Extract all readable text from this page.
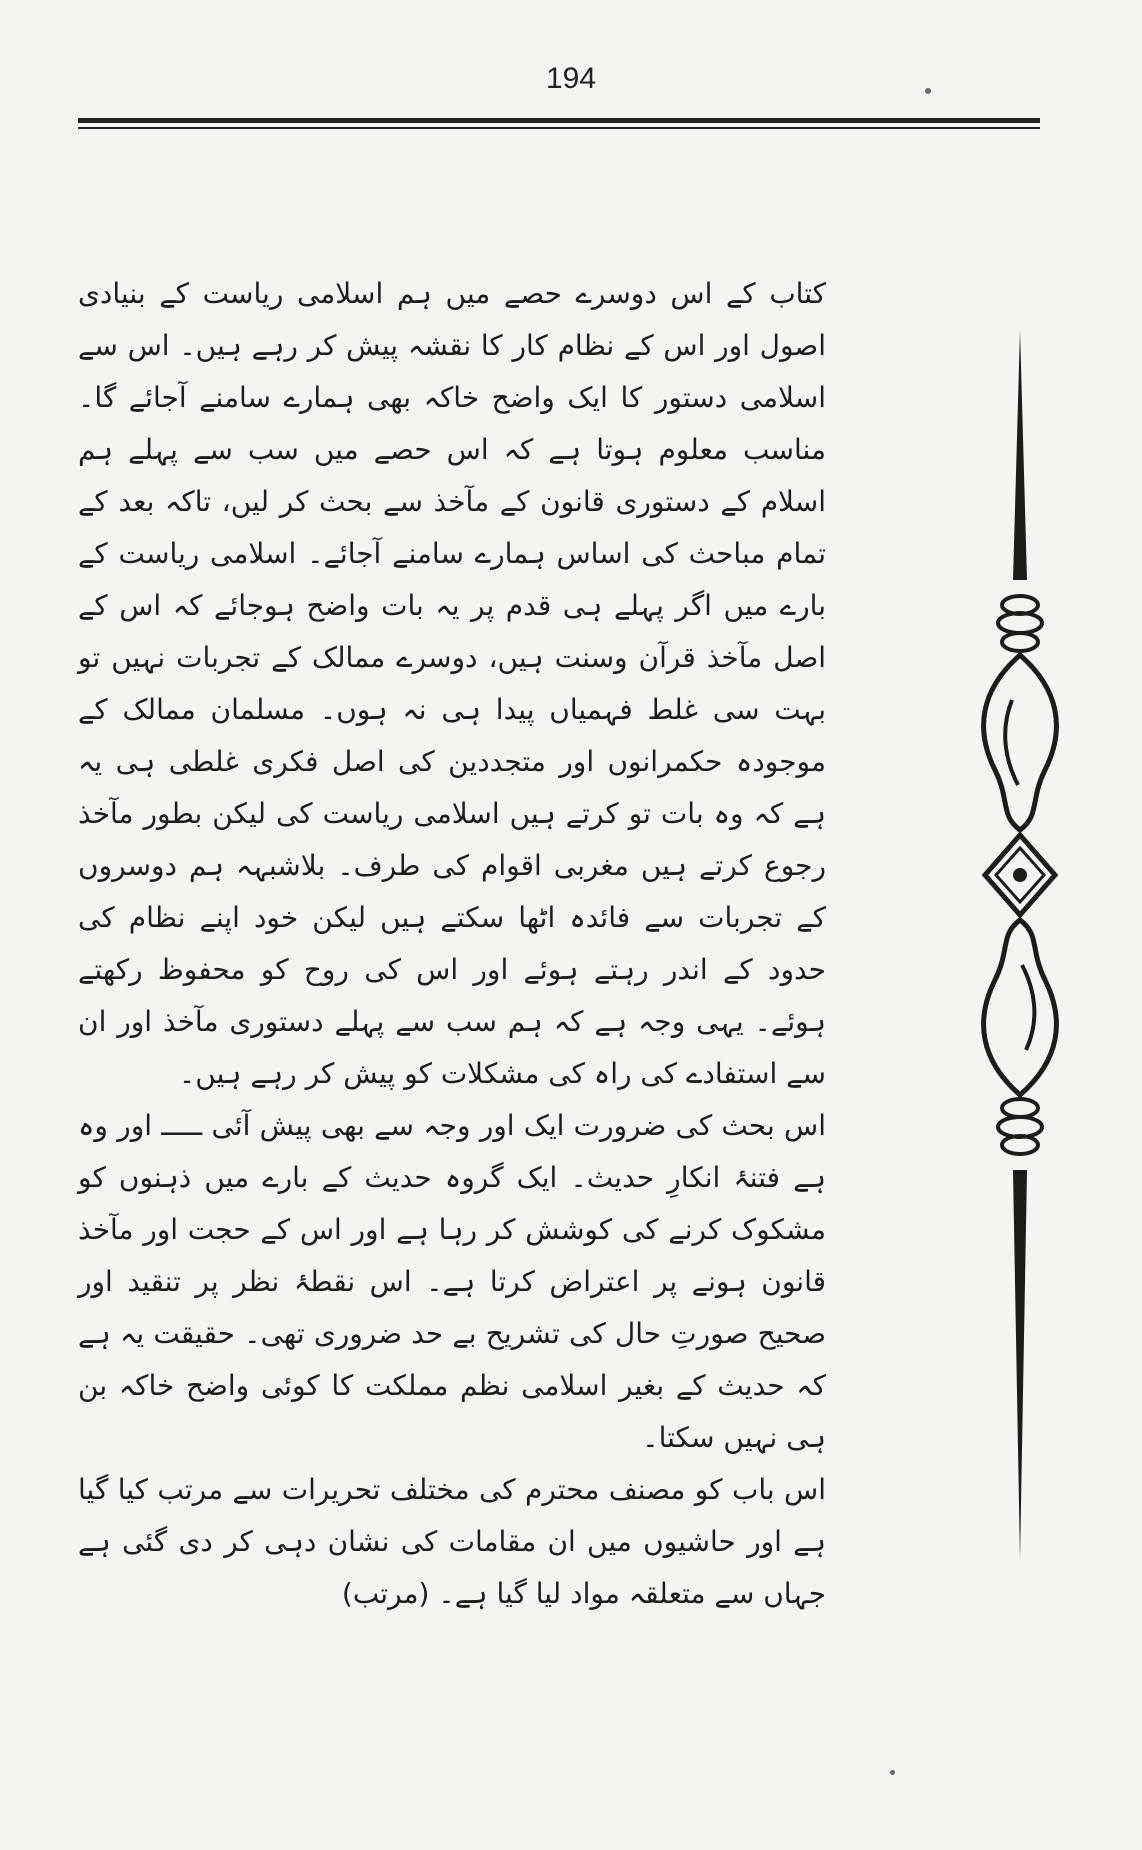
194

کتاب کے اس دوسرے حصے میں ہم اسلامی ریاست کے بنیادی اصول اور اس کے نظام کار کا نقشہ پیش کر رہے ہیں۔ اس سے اسلامی دستور کا ایک واضح خاکہ بھی ہمارے سامنے آجائے گا۔ مناسب معلوم ہوتا ہے کہ اس حصے میں سب سے پہلے ہم اسلام کے دستوری قانون کے مآخذ سے بحث کر لیں، تاکہ بعد کے تمام مباحث کی اساس ہمارے سامنے آجائے۔ اسلامی ریاست کے بارے میں اگر پہلے ہی قدم پر یہ بات واضح ہوجائے کہ اس کے اصل مآخذ قرآن وسنت ہیں، دوسرے ممالک کے تجربات نہیں تو بہت سی غلط فہمیاں پیدا ہی نہ ہوں۔ مسلمان ممالک کے موجودہ حکمرانوں اور متجددین کی اصل فکری غلطی ہی یہ ہے کہ وہ بات تو کرتے ہیں اسلامی ریاست کی لیکن بطور مآخذ رجوع کرتے ہیں مغربی اقوام کی طرف۔ بلاشبہہ ہم دوسروں کے تجربات سے فائدہ اٹھا سکتے ہیں لیکن خود اپنے نظام کی حدود کے اندر رہتے ہوئے اور اس کی روح کو محفوظ رکھتے ہوئے۔ یہی وجہ ہے کہ ہم سب سے پہلے دستوری مآخذ اور ان سے استفادے کی راہ کی مشکلات کو پیش کر رہے ہیں۔

اس بحث کی ضرورت ایک اور وجہ سے بھی پیش آئی ـــــ اور وہ ہے فتنۂ انکارِ حدیث۔ ایک گروہ حدیث کے بارے میں ذہنوں کو مشکوک کرنے کی کوشش کر رہا ہے اور اس کے حجت اور مآخذ قانون ہونے پر اعتراض کرتا ہے۔ اس نقطۂ نظر پر تنقید اور صحیح صورتِ حال کی تشریح بے حد ضروری تھی۔ حقیقت یہ ہے کہ حدیث کے بغیر اسلامی نظم مملکت کا کوئی واضح خاکہ بن ہی نہیں سکتا۔

اس باب کو مصنف محترم کی مختلف تحریرات سے مرتب کیا گیا ہے اور حاشیوں میں ان مقامات کی نشان دہی کر دی گئی ہے جہاں سے متعلقہ مواد لیا گیا ہے۔ (مرتب)
